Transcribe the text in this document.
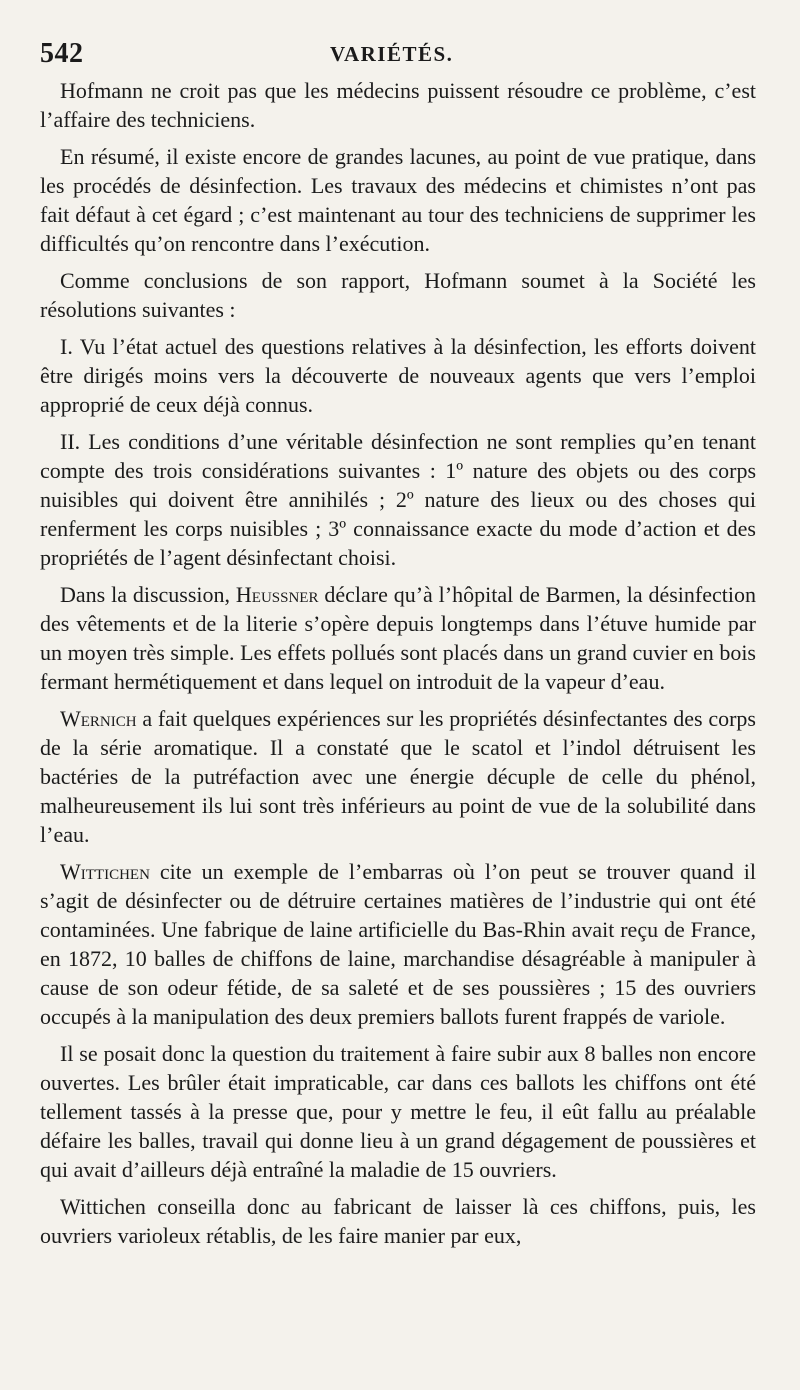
542	VARIÉTÉS.

Hofmann ne croit pas que les médecins puissent résoudre ce problème, c’est l’affaire des techniciens.

En résumé, il existe encore de grandes lacunes, au point de vue pratique, dans les procédés de désinfection. Les travaux des médecins et chimistes n’ont pas fait défaut à cet égard ; c’est maintenant au tour des techniciens de supprimer les difficultés qu’on rencontre dans l’exécution.

Comme conclusions de son rapport, Hofmann soumet à la Société les résolutions suivantes :

I. Vu l’état actuel des questions relatives à la désinfection, les efforts doivent être dirigés moins vers la découverte de nouveaux agents que vers l’emploi approprié de ceux déjà connus.

II. Les conditions d’une véritable désinfection ne sont remplies qu’en tenant compte des trois considérations suivantes : 1º nature des objets ou des corps nuisibles qui doivent être annihilés ; 2º nature des lieux ou des choses qui renferment les corps nuisibles ; 3º connaissance exacte du mode d’action et des propriétés de l’agent désinfectant choisi.

Dans la discussion, Heussner déclare qu’à l’hôpital de Barmen, la désinfection des vêtements et de la literie s’opère depuis longtemps dans l’étuve humide par un moyen très simple. Les effets pollués sont placés dans un grand cuvier en bois fermant hermétiquement et dans lequel on introduit de la vapeur d’eau.

Wernich a fait quelques expériences sur les propriétés désinfectantes des corps de la série aromatique. Il a constaté que le scatol et l’indol détruisent les bactéries de la putréfaction avec une énergie décuple de celle du phénol, malheureusement ils lui sont très inférieurs au point de vue de la solubilité dans l’eau.

Wittichen cite un exemple de l’embarras où l’on peut se trouver quand il s’agit de désinfecter ou de détruire certaines matières de l’industrie qui ont été contaminées. Une fabrique de laine artificielle du Bas-Rhin avait reçu de France, en 1872, 10 balles de chiffons de laine, marchandise désagréable à manipuler à cause de son odeur fétide, de sa saleté et de ses poussières ; 15 des ouvriers occupés à la manipulation des deux premiers ballots furent frappés de variole.

Il se posait donc la question du traitement à faire subir aux 8 balles non encore ouvertes. Les brûler était impraticable, car dans ces ballots les chiffons ont été tellement tassés à la presse que, pour y mettre le feu, il eût fallu au préalable défaire les balles, travail qui donne lieu à un grand dégagement de poussières et qui avait d’ailleurs déjà entraîné la maladie de 15 ouvriers.

Wittichen conseilla donc au fabricant de laisser là ces chiffons, puis, les ouvriers varioleux rétablis, de les faire manier par eux,
